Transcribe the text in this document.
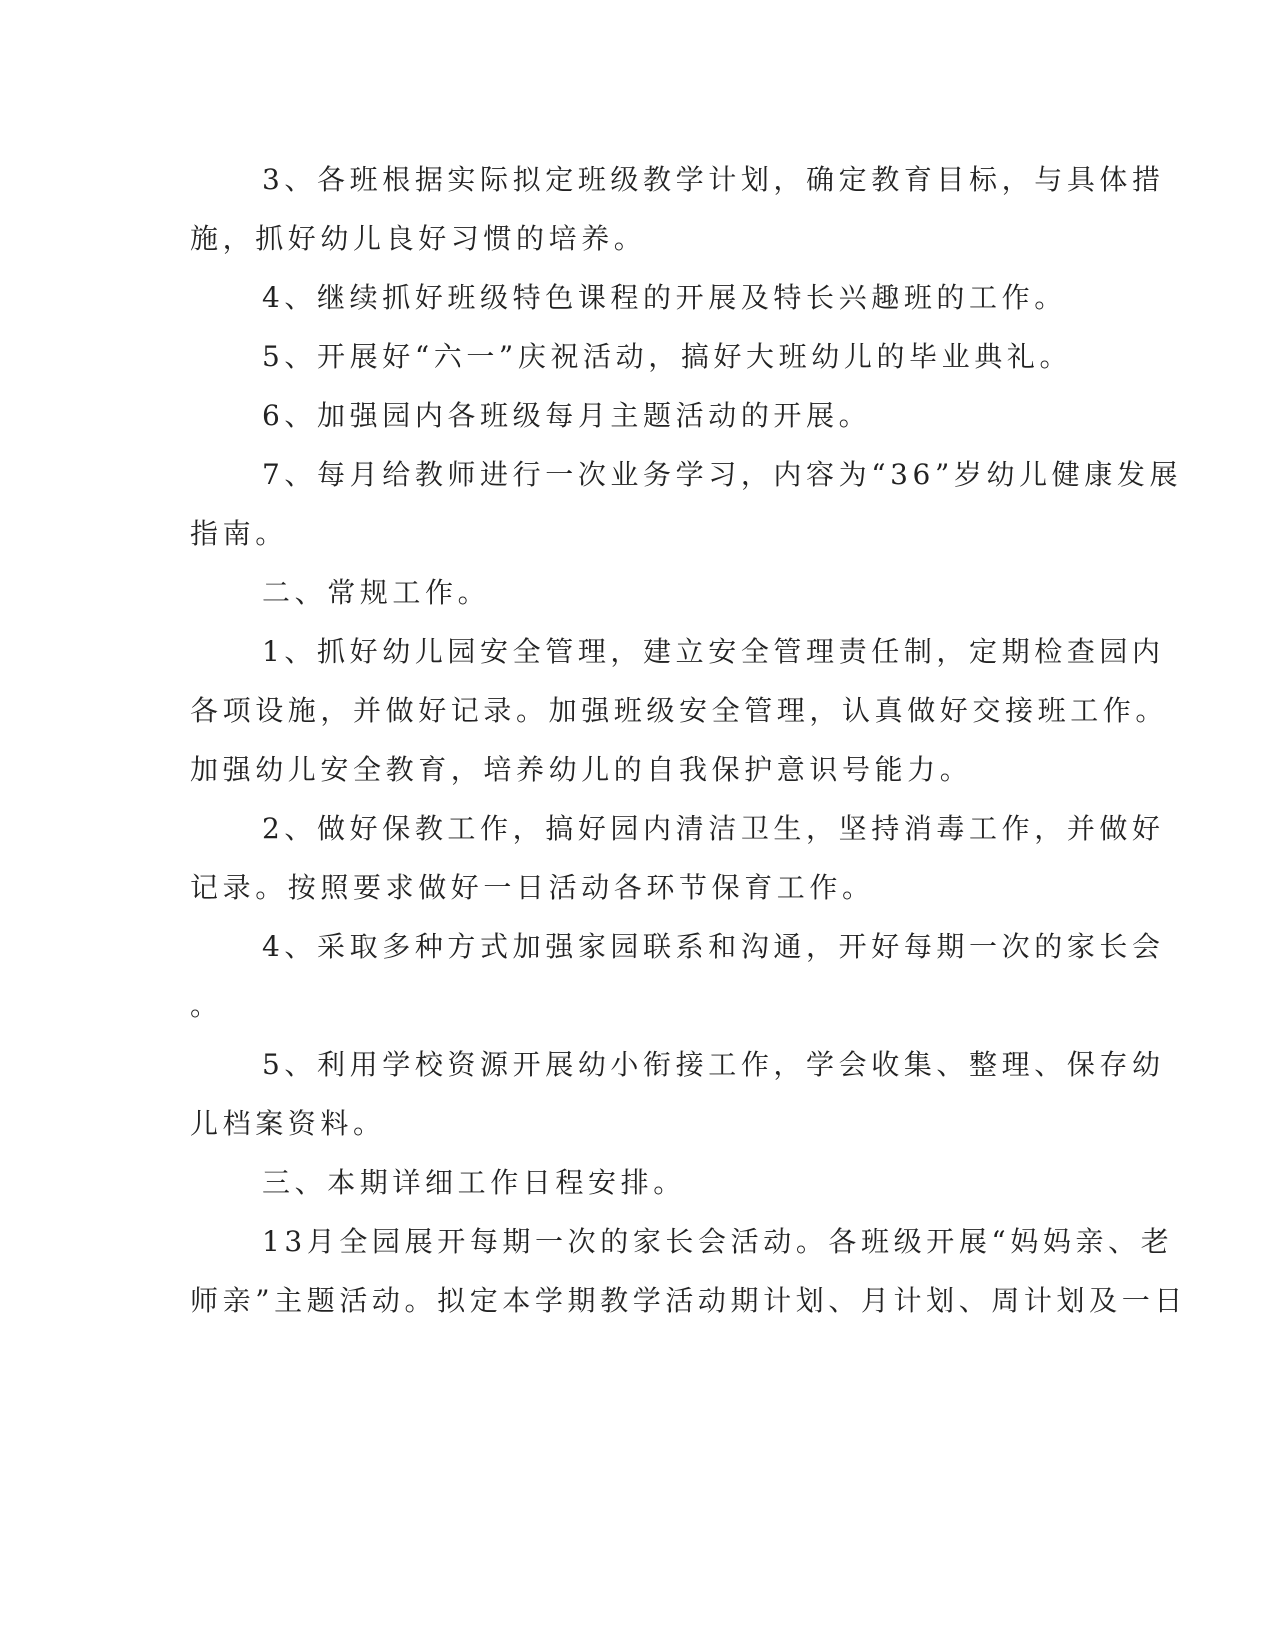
3、各班根据实际拟定班级教学计划，确定教育目标，与具体措
施，抓好幼儿良好习惯的培养。
4、继续抓好班级特色课程的开展及特长兴趣班的工作。
5、开展好“六一”庆祝活动，搞好大班幼儿的毕业典礼。
6、加强园内各班级每月主题活动的开展。
7、每月给教师进行一次业务学习，内容为“36”岁幼儿健康发展
指南。
二、常规工作。
1、抓好幼儿园安全管理，建立安全管理责任制，定期检查园内
各项设施，并做好记录。加强班级安全管理，认真做好交接班工作。
加强幼儿安全教育，培养幼儿的自我保护意识号能力。
2、做好保教工作，搞好园内清洁卫生，坚持消毒工作，并做好
记录。按照要求做好一日活动各环节保育工作。
4、采取多种方式加强家园联系和沟通，开好每期一次的家长会
。
5、利用学校资源开展幼小衔接工作，学会收集、整理、保存幼
儿档案资料。
三、本期详细工作日程安排。
13月全园展开每期一次的家长会活动。各班级开展“妈妈亲、老
师亲”主题活动。拟定本学期教学活动期计划、月计划、周计划及一日
